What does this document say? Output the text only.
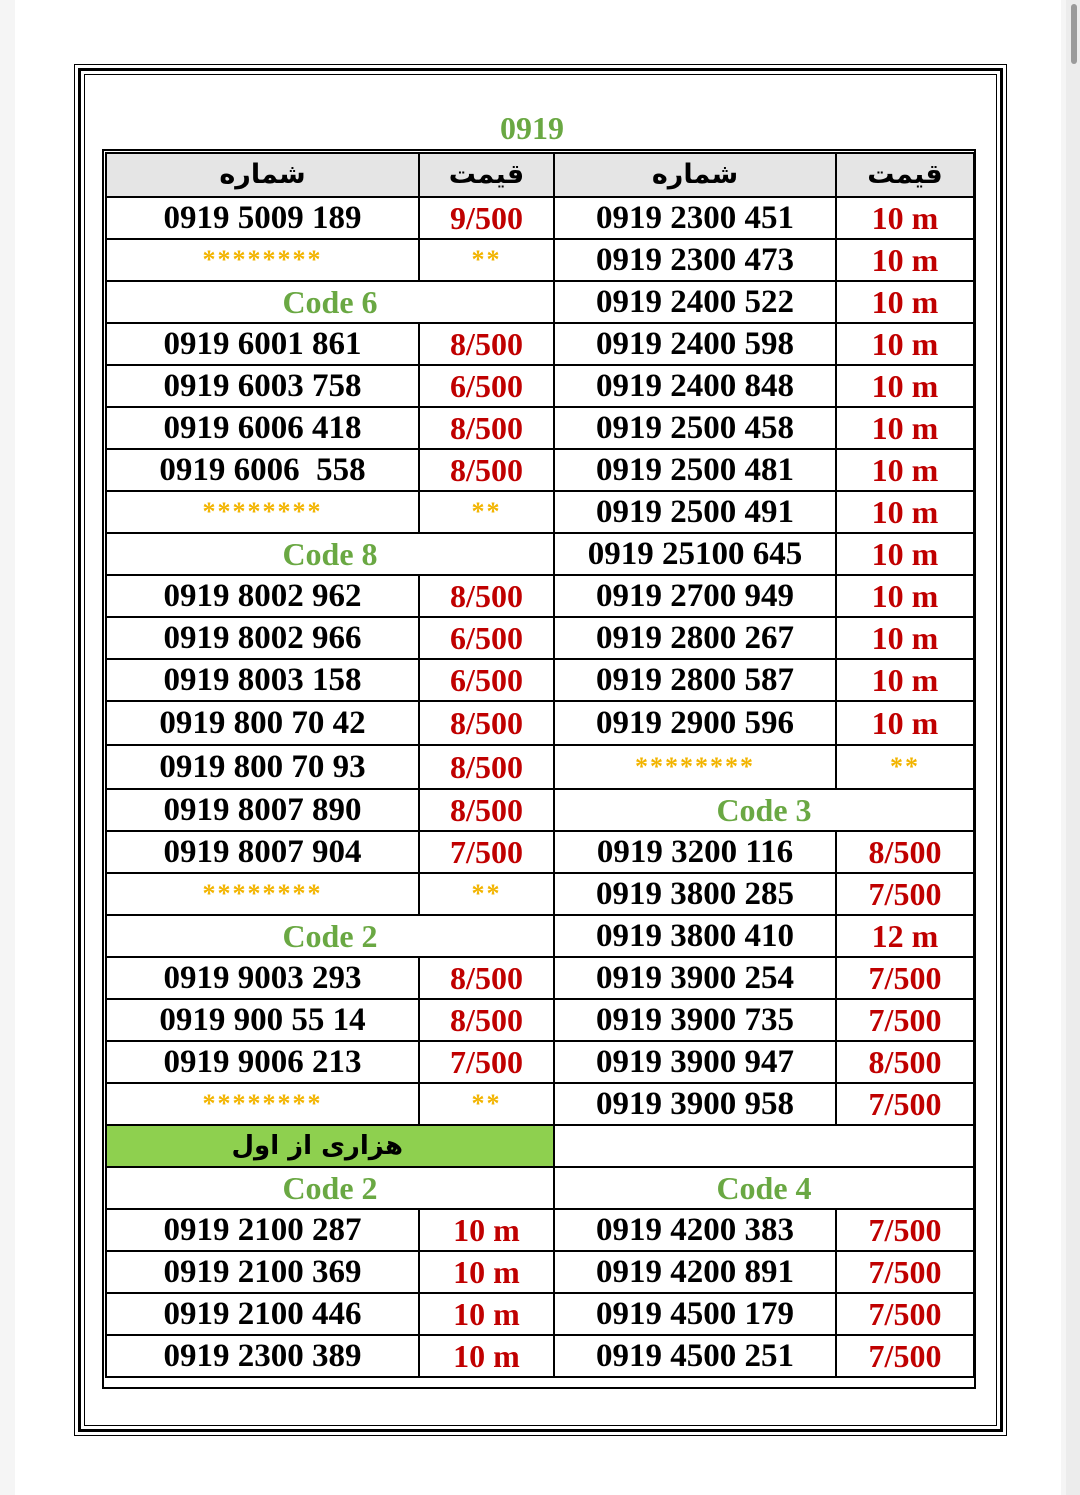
0919
شماره	قیمت	شماره	قیمت
0919 5009 189	9/500	0919 2300 451	10 m
********	**	0919 2300 473	10 m
Code 6		0919 2400 522	10 m
0919 6001 861	8/500	0919 2400 598	10 m
0919 6003 758	6/500	0919 2400 848	10 m
0919 6006 418	8/500	0919 2500 458	10 m
0919 6006  558	8/500	0919 2500 481	10 m
********	**	0919 2500 491	10 m
Code 8		0919 25100 645	10 m
0919 8002 962	8/500	0919 2700 949	10 m
0919 8002 966	6/500	0919 2800 267	10 m
0919 8003 158	6/500	0919 2800 587	10 m
0919 800 70 42	8/500	0919 2900 596	10 m
0919 800 70 93	8/500	********	**
0919 8007 890	8/500	Code 3	
0919 8007 904	7/500	0919 3200 116	8/500
********	**	0919 3800 285	7/500
Code 2		0919 3800 410	12 m
0919 9003 293	8/500	0919 3900 254	7/500
0919 900 55 14	8/500	0919 3900 735	7/500
0919 9006 213	7/500	0919 3900 947	8/500
********	**	0919 3900 958	7/500

هزاری از اول			

Code 2		Code 4	
0919 2100 287	10 m	0919 4200 383	7/500
0919 2100 369	10 m	0919 4200 891	7/500
0919 2100 446	10 m	0919 4500 179	7/500
0919 2300 389	10 m	0919 4500 251	7/500
